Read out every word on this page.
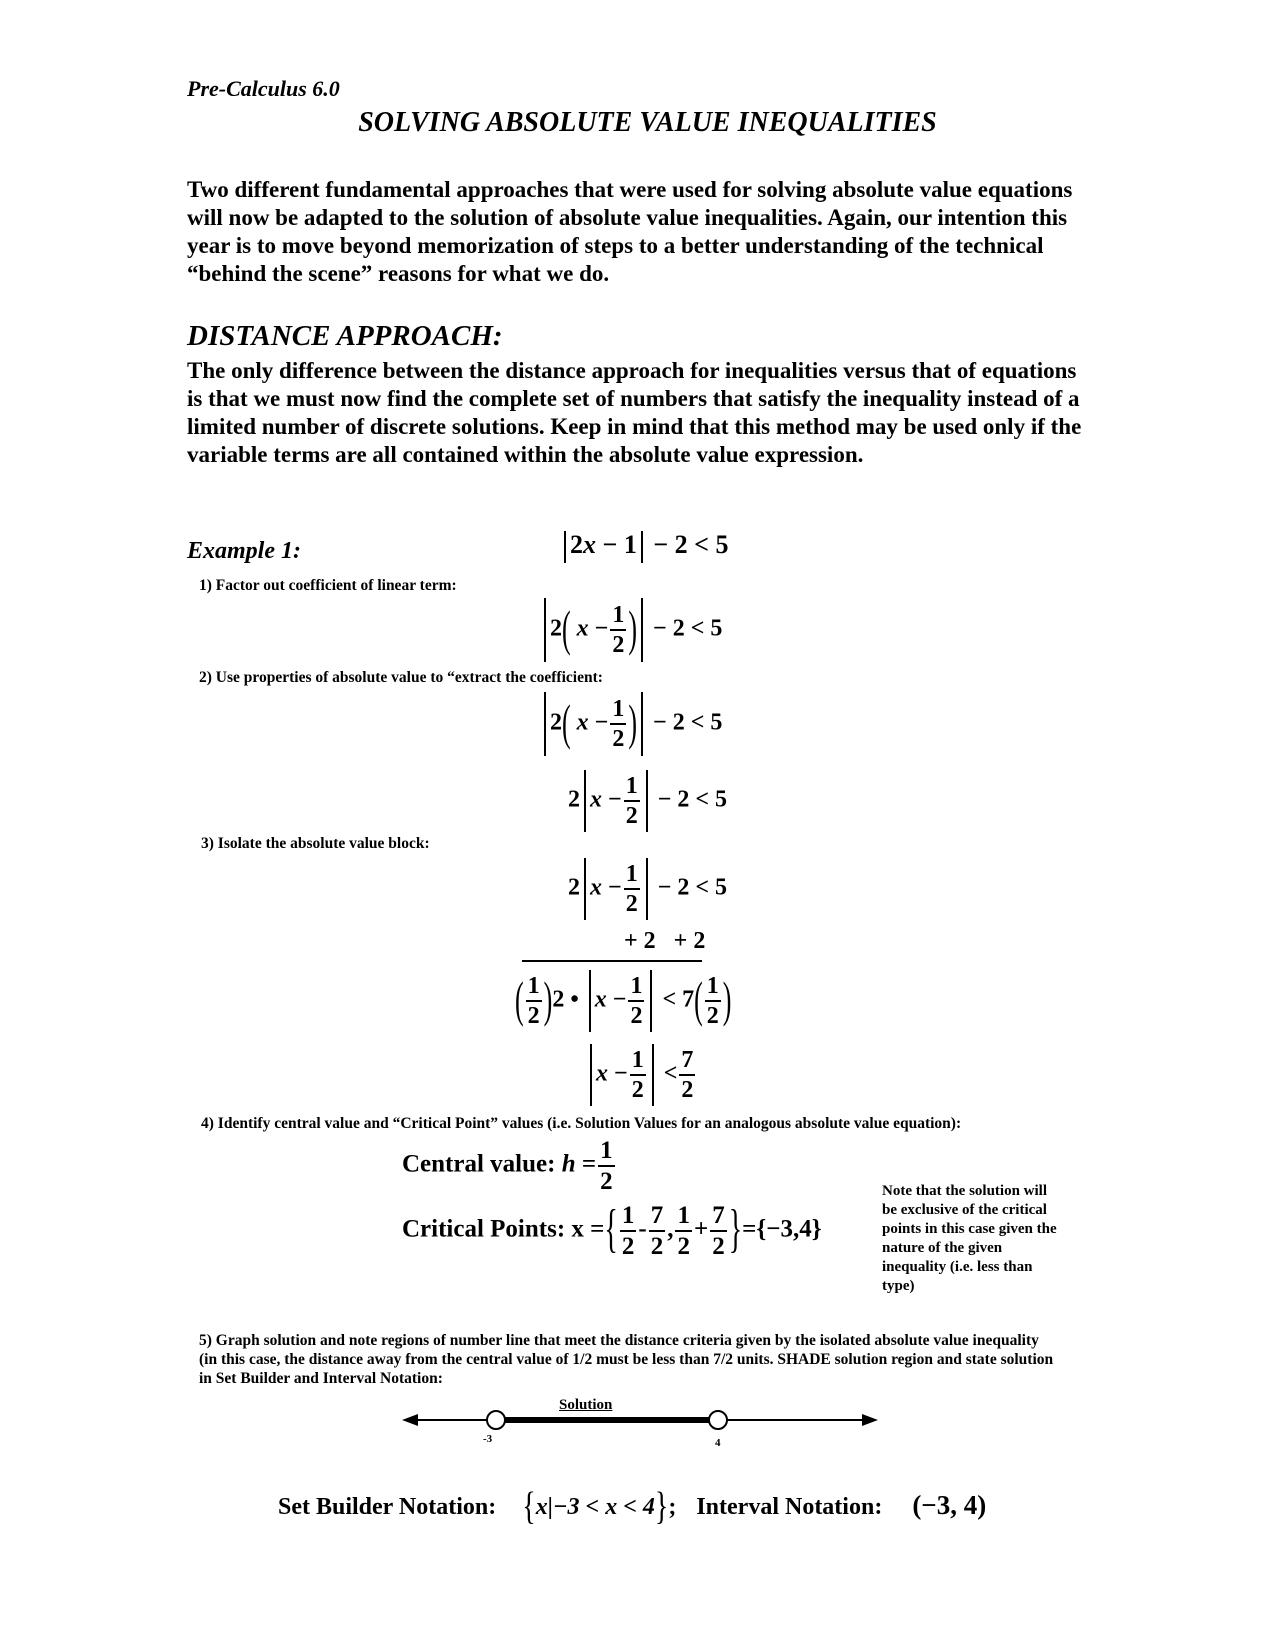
Pre-Calculus 6.0
SOLVING ABSOLUTE VALUE INEQUALITIES
Two different fundamental approaches that were used for solving absolute value equations will now be adapted to the solution of absolute value inequalities. Again, our intention this year is to move beyond memorization of steps to a better understanding of the technical “behind the scene” reasons for what we do.
DISTANCE APPROACH:
The only difference between the distance approach for inequalities versus that of equations is that we must now find the complete set of numbers that satisfy the inequality instead of a limited number of discrete solutions. Keep in mind that this method may be used only if the variable terms are all contained within the absolute value expression.
Example 1:	2x − 1 − 2 < 5
1) Factor out coefficient of linear term:
2( $x - \frac{1}{2}$ ) − 2 < 5
2) Use properties of absolute value to “extract the coefficient:
2( $x - \frac{1}{2}$ ) − 2 < 5
2 $x - \frac{1}{2} - 2 < 5$
3) Isolate the absolute value block:
2 $x - \frac{1}{2} - 2 < 5$
+ 2   + 2
( $\frac{1}{2} )2$ • $x - \frac{1}{2} < 7( \frac{1}{2}$ )
$x - \frac{1}{2} < \frac{7}{2}$
4) Identify central value and “Critical Point” values (i.e. Solution Values for an analogous absolute value equation):
Central value: $h = \frac{1}{2}$
Critical Points: x ={ $\frac{1}{2} - \frac{7}{2}$ , $\frac{1}{2} + \frac{7}{2} \}=\{-3,4\}$
Note that the solution will be exclusive of the critical points in this case given the nature of the given inequality (i.e. less than type)
5) Graph solution and note regions of number line that meet the distance criteria given by the isolated absolute value inequality (in this case, the distance away from the central value of 1/2 must be less than 7/2 units. SHADE solution region and state solution in Set Builder and Interval Notation:
Solution
-3	4
Set Builder Notation: {x|−3 < x < 4};  Interval Notation: (−3, 4)
